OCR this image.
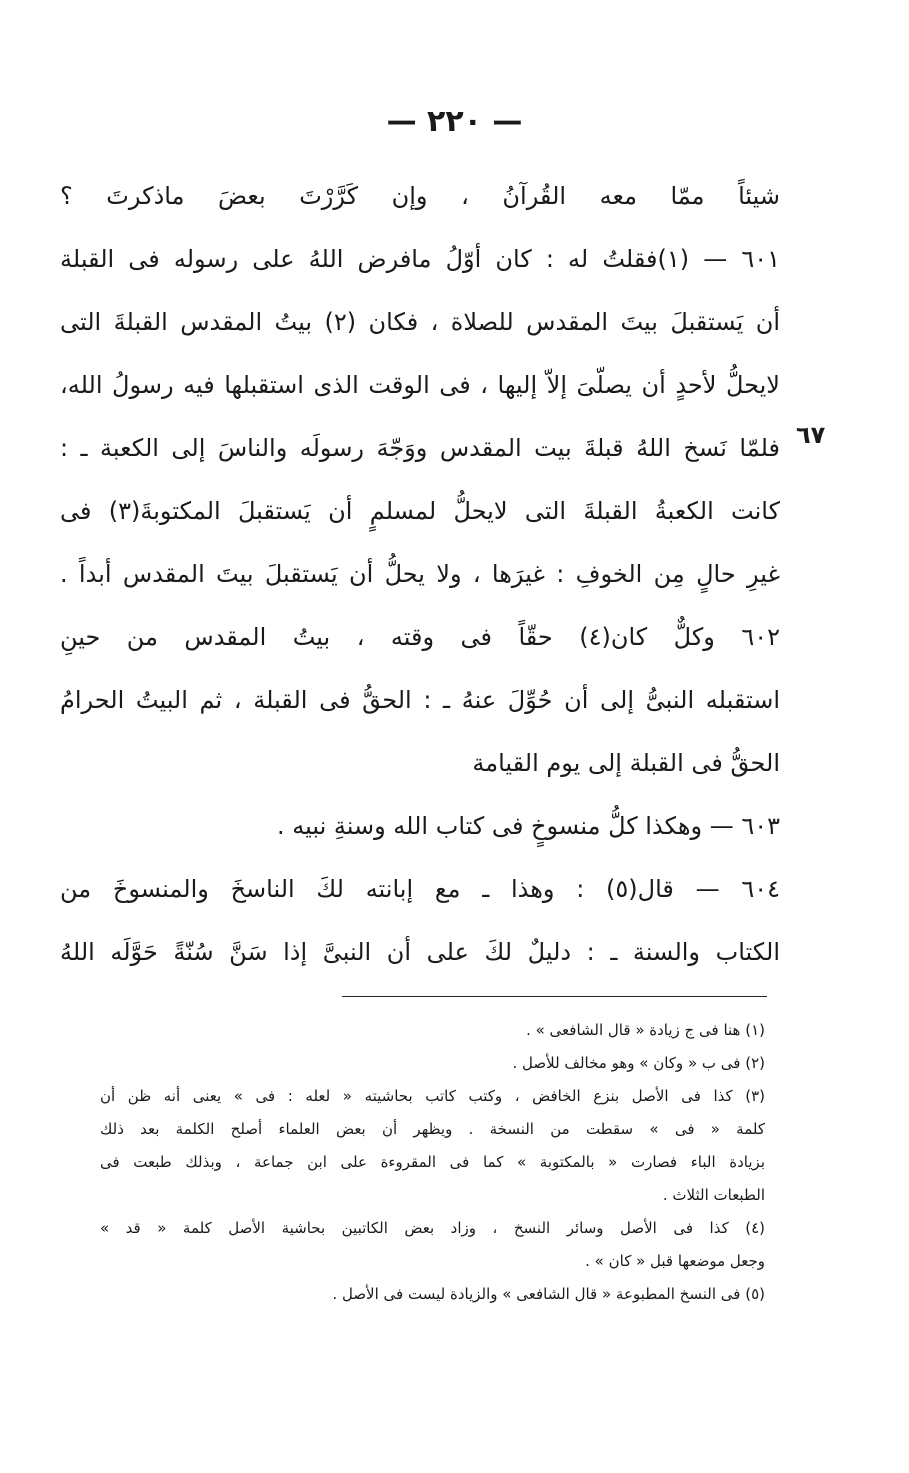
— ٢٢٠ —
٦٧
شيئاً ممّا معه القُرآنُ ، وإن كَرَّرْتَ بعضَ ماذكرتَ ؟
٦٠١ — (١)فقلتُ له : كان أوّلُ مافرض اللهُ على رسوله فى القبلة
أن يَستقبلَ بيتَ المقدس للصلاة ، فكان (٢) بيتُ المقدس القبلةَ التى
لايحلُّ لأحدٍ أن يصلّىَ إلاّ إليها ، فى الوقت الذى استقبلها فيه رسولُ الله،
فلمّا نَسخ اللهُ قبلةَ بيت المقدس ووَجّهَ رسولَه والناسَ إلى الكعبة ـ :
كانت الكعبةُ القبلةَ التى لايحلُّ لمسلمٍ أن يَستقبلَ المكتوبةَ(٣) فى
غيرِ حالٍ مِن الخوفِ : غيرَها ، ولا يحلُّ أن يَستقبلَ بيتَ المقدس أبداً .
٦٠٢ وكلٌّ كان(٤) حقّاً فى وقته ، بيتُ المقدس من حينِ
استقبله النبىُّ إلى أن حُوِّلَ عنهُ ـ : الحقُّ فى القبلة ، ثم البيتُ الحرامُ
الحقُّ فى القبلة إلى يوم القيامة
٦٠٣ — وهكذا كلُّ منسوخٍ فى كتاب الله وسنةِ نبيه .
٦٠٤ — قال(٥) : وهذا ـ مع إبانته لكَ الناسخَ والمنسوخَ من
الكتاب والسنة ـ : دليلٌ لكَ على أن النبىَّ إذا سَنَّ سُنّةً حَوَّلَه اللهُ
(١) هنا فى ج زيادة « قال الشافعى » .
(٢) فى ب « وكان » وهو مخالف للأصل .
(٣) كذا فى الأصل بنزع الخافض ، وكتب كاتب بحاشيته « لعله : فى » يعنى أنه ظن أن
كلمة « فى » سقطت من النسخة . ويظهر أن بعض العلماء أصلح الكلمة بعد ذلك
بزيادة الباء فصارت « بالمكتوبة » كما فى المقروءة على ابن جماعة ، وبذلك طبعت فى
الطبعات الثلاث .
(٤) كذا فى الأصل وسائر النسخ ، وزاد بعض الكاتبين بحاشية الأصل كلمة « قد »
وجعل موضعها قبل « كان » .
(٥) فى النسخ المطبوعة « قال الشافعى » والزيادة ليست فى الأصل .
